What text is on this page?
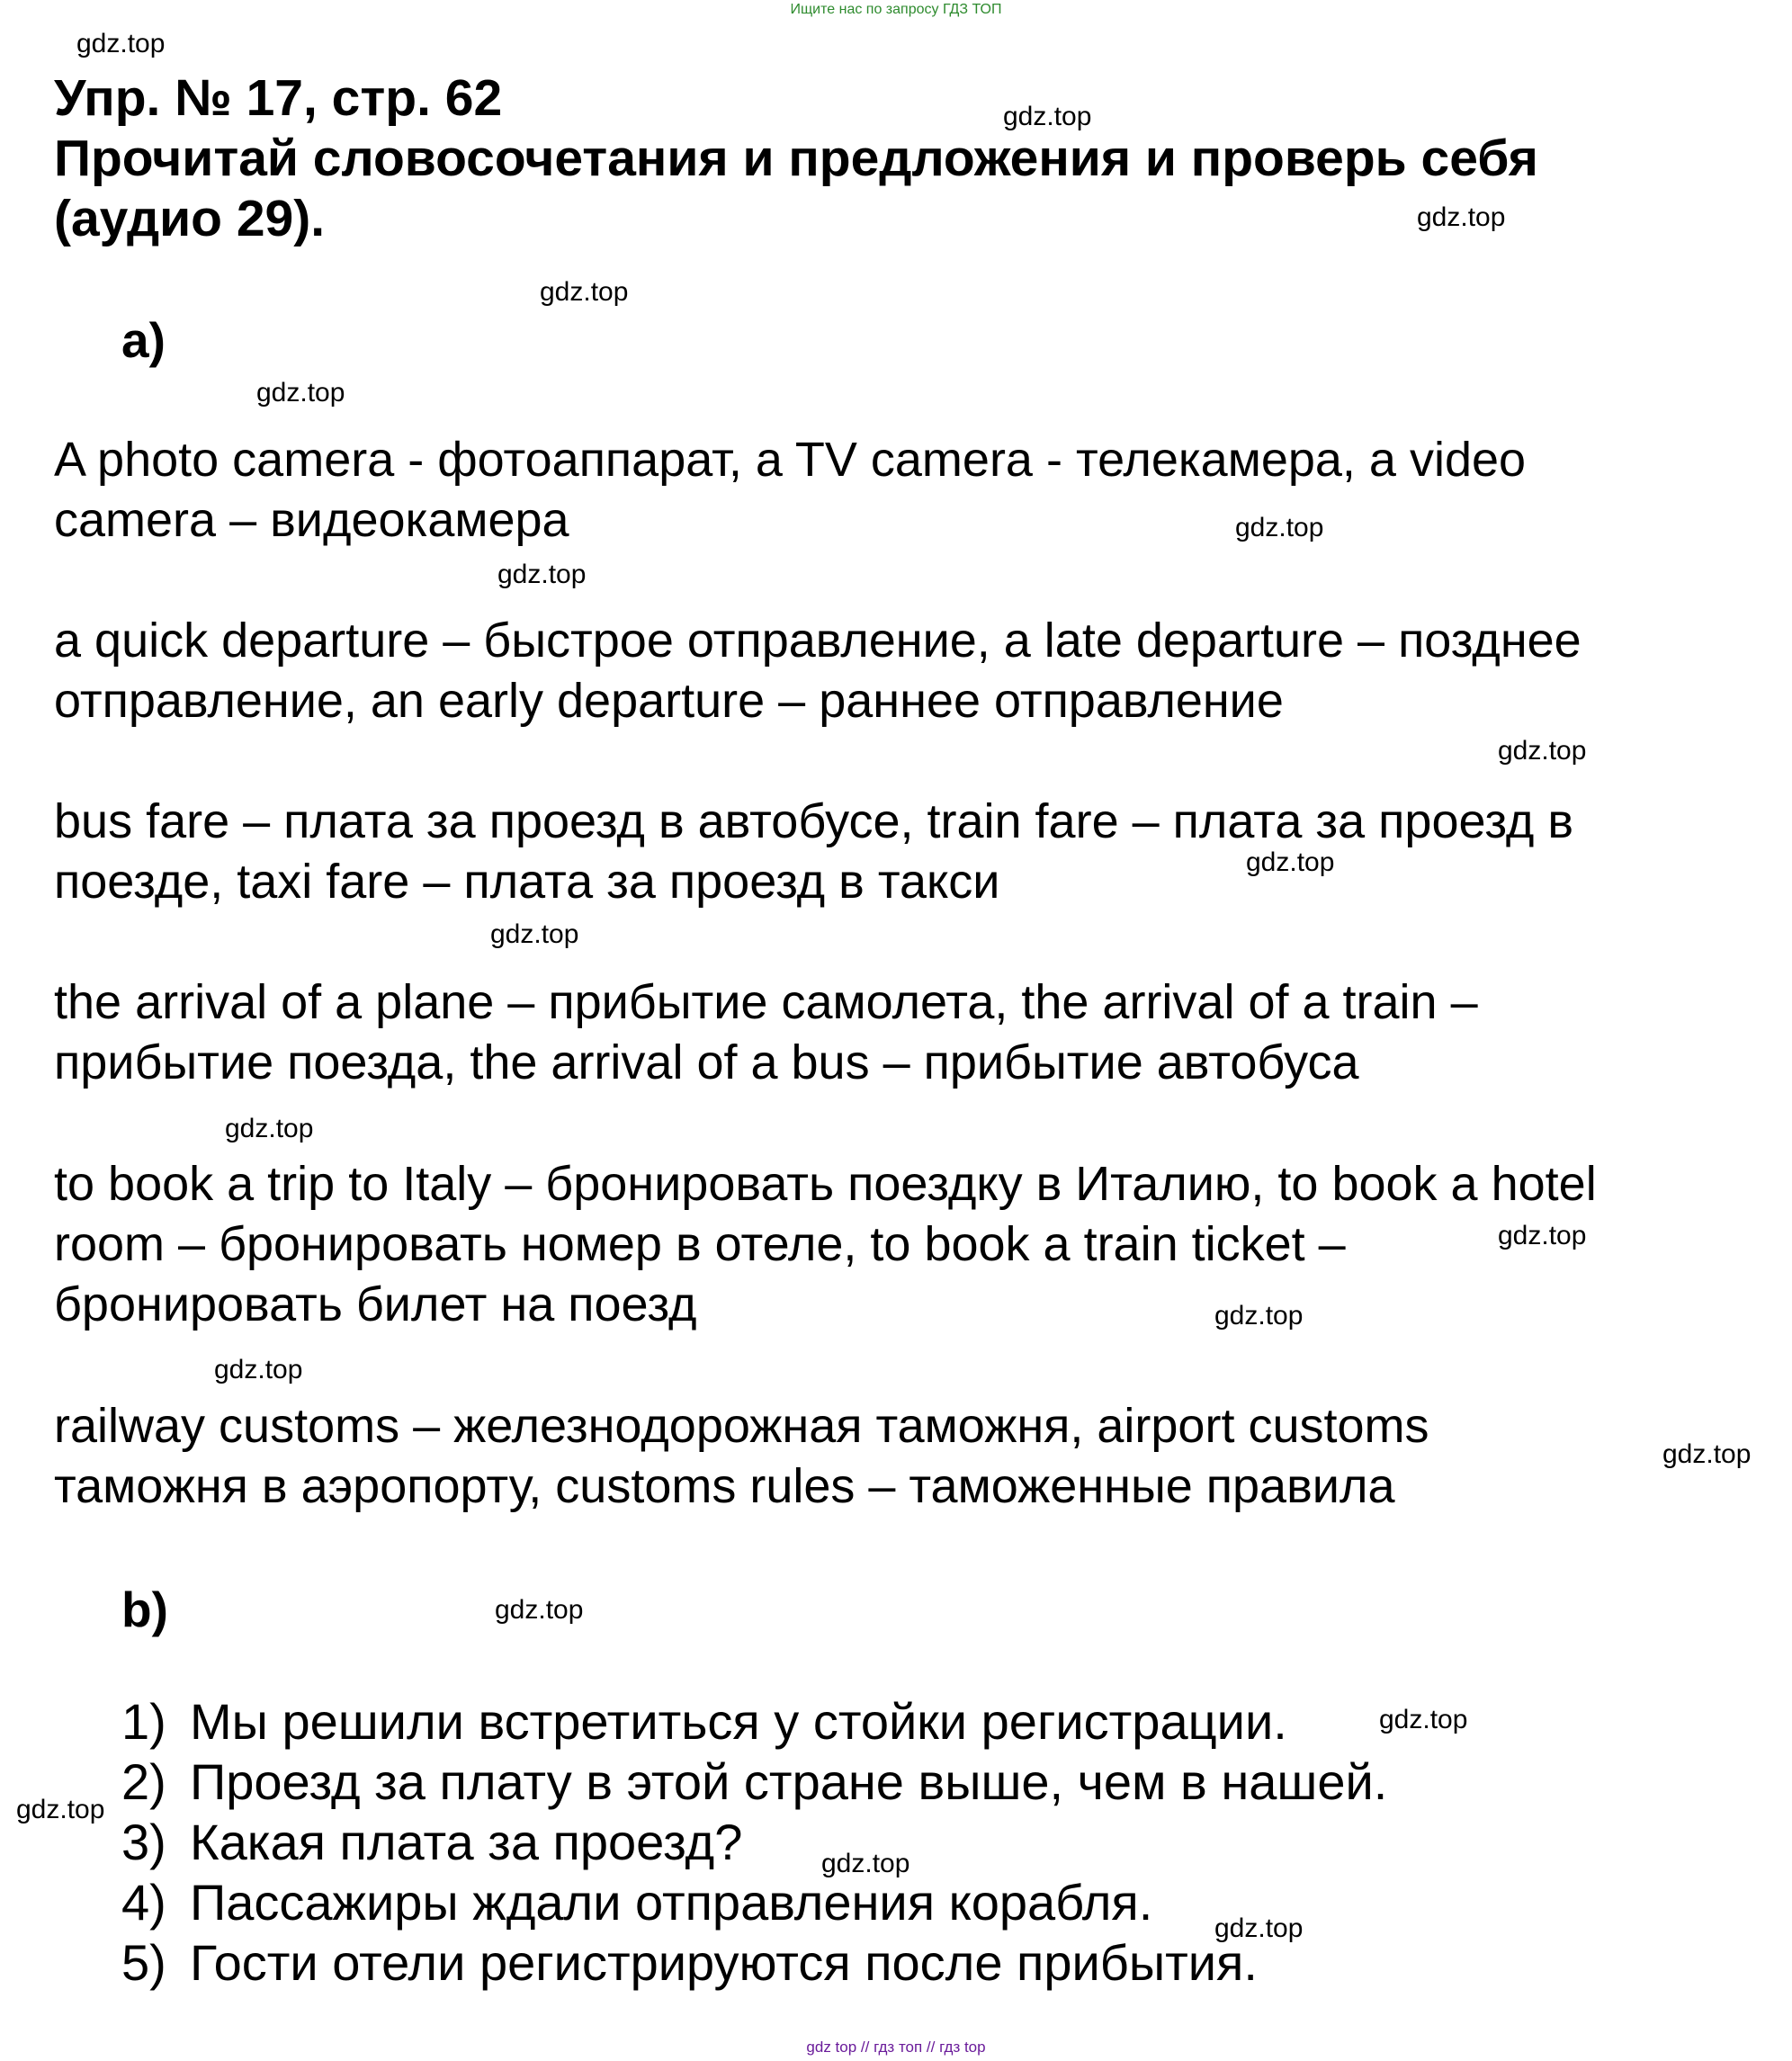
Ищите нас по запросу ГДЗ ТОП
Упр. № 17, стр. 62
Прочитай словосочетания и предложения и проверь себя
(аудио 29).
a)
A photo camera - фотоаппарат, a TV camera - телекамера, a video
camera – видеокамера
a quick departure – быстрое отправление, a late departure – позднее
отправление, an early departure – раннее отправление
bus fare – плата за проезд в автобусе, train fare – плата за проезд в
поезде, taxi fare – плата за проезд в такси
the arrival of a plane – прибытие самолета, the arrival of a train –
прибытие поезда, the arrival of a bus – прибытие автобуса
to book a trip to Italy – бронировать поездку в Италию, to book a hotel
room – бронировать номер в отеле, to book a train ticket –
бронировать билет на поезд
railway customs – железнодорожная таможня, airport customs
таможня в аэропорту, customs rules – таможенные правила
b)
1) Мы решили встретиться у стойки регистрации.
2) Проезд за плату в этой стране выше, чем в нашей.
3) Какая плата за проезд?
4) Пассажиры ждали отправления корабля.
5) Гости отели регистрируются после прибытия.
gdz.top
gdz.top
gdz.top
gdz.top
gdz.top
gdz.top
gdz.top
gdz.top
gdz.top
gdz.top
gdz.top
gdz.top
gdz.top
gdz.top
gdz.top
gdz.top
gdz.top
gdz.top
gdz.top
gdz.top
gdz top // гдз топ // гдз top
